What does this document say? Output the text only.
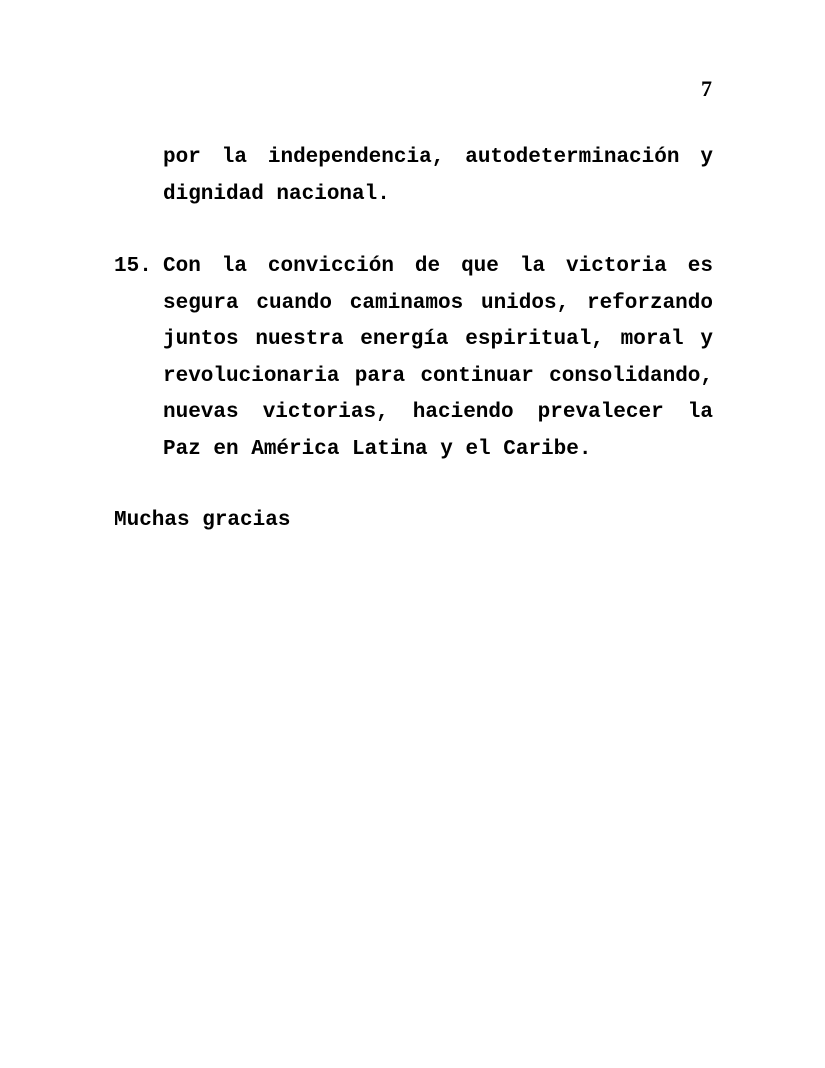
7
por la independencia, autodeterminación y
dignidad nacional.
15. Con la convicción de que la victoria es
segura cuando caminamos unidos, reforzando
juntos nuestra energía espiritual, moral y
revolucionaria para continuar consolidando,
nuevas victorias, haciendo prevalecer la
Paz en América Latina y el Caribe.
Muchas gracias
